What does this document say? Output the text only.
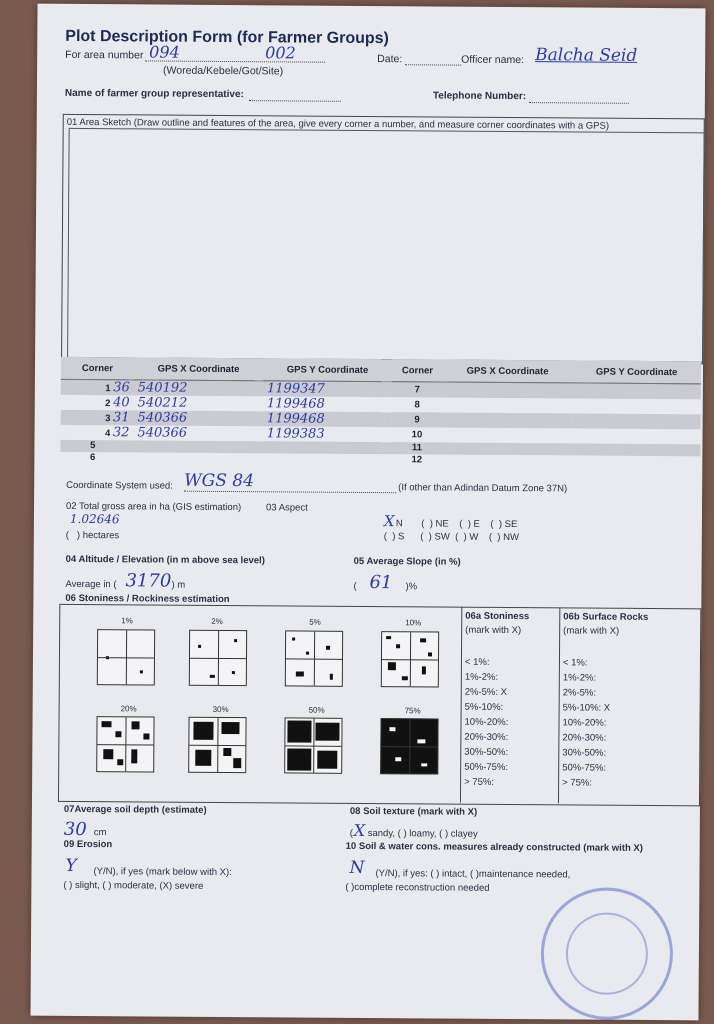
Plot Description Form (for Farmer Groups)
For area number 094	002
(Woreda/Kebele/Got/Site)
Date:	Officer name: Balcha Seid
Name of farmer group representative:	Telephone Number:
01 Area Sketch (Draw outline and features of the area, give every corner a number, and measure corner coordinates with a GPS)
Corner	GPS X Coordinate	GPS Y Coordinate	Corner	GPS X Coordinate	GPS Y Coordinate
1 36	540192	1199347	7		
2 40	540212	1199468	8		
3 31	540366	1199468	9		
4 32	540366	1199383	10		
5			11		
6			12		
Coordinate System used: WGS 84	(If other than Adindan Datum Zone 37N)
02 Total gross area in ha (GIS estimation)
1.02646
(   ) hectares
03 Aspect
X N       (  ) NE    (  ) E    (  ) SE
(  ) S      (  ) SW  (  ) W    (  ) NW
04 Altitude / Elevation (in m above sea level)
Average in ( 3170 ) m
05 Average Slope (in %)
( 61 )%
06 Stoniness / Rockiness estimation
1%	2%	5%	10%
20%	30%	50%	75%
06a Stoniness
(mark with X)
06b Surface Rocks
(mark with X)
< 1%:
1%-2%:
2%-5%: X
5%-10%:
10%-20%:
20%-30%:
30%-50%:
50%-75%:
> 75%:
< 1%:
1%-2%:
2%-5%:
5%-10%: X
10%-20%:
20%-30%:
30%-50%:
50%-75%:
> 75%:
07Average soil depth (estimate)
30 cm
08 Soil texture (mark with X)
( X sandy, ( ) loamy, ( ) clayey
09 Erosion
Y (Y/N), if yes (mark below with X):
( ) slight, ( ) moderate, (X) severe
10 Soil & water cons. measures already constructed (mark with X)
N (Y/N), if yes: ( ) intact, ( )maintenance needed,
( )complete reconstruction needed
